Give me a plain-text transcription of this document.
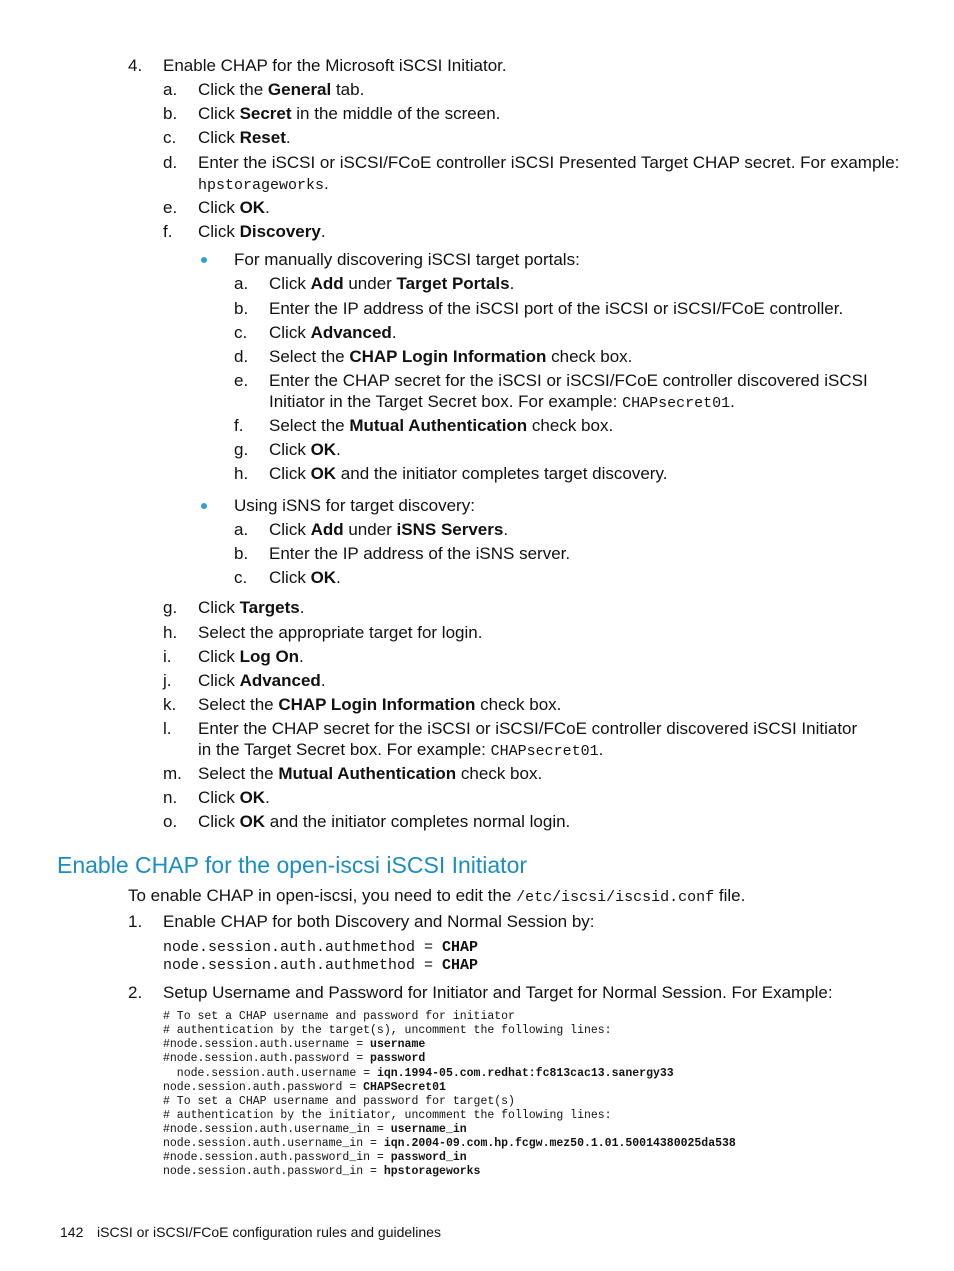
4. Enable CHAP for the Microsoft iSCSI Initiator.
a. Click the General tab.
b. Click Secret in the middle of the screen.
c. Click Reset.
d. Enter the iSCSI or iSCSI/FCoE controller iSCSI Presented Target CHAP secret. For example:
hpstorageworks.
e. Click OK.
f. Click Discovery.
For manually discovering iSCSI target portals:
a. Click Add under Target Portals.
b. Enter the IP address of the iSCSI port of the iSCSI or iSCSI/FCoE controller.
c. Click Advanced.
d. Select the CHAP Login Information check box.
e. Enter the CHAP secret for the iSCSI or iSCSI/FCoE controller discovered iSCSI
Initiator in the Target Secret box. For example: CHAPsecret01.
f. Select the Mutual Authentication check box.
g. Click OK.
h. Click OK and the initiator completes target discovery.
Using iSNS for target discovery:
a. Click Add under iSNS Servers.
b. Enter the IP address of the iSNS server.
c. Click OK.
g. Click Targets.
h. Select the appropriate target for login.
i. Click Log On.
j. Click Advanced.
k. Select the CHAP Login Information check box.
l. Enter the CHAP secret for the iSCSI or iSCSI/FCoE controller discovered iSCSI Initiator
in the Target Secret box. For example: CHAPsecret01.
m. Select the Mutual Authentication check box.
n. Click OK.
o. Click OK and the initiator completes normal login.
Enable CHAP for the open-iscsi iSCSI Initiator
To enable CHAP in open-iscsi, you need to edit the /etc/iscsi/iscsid.conf file.
1. Enable CHAP for both Discovery and Normal Session by:
node.session.auth.authmethod = CHAP
node.session.auth.authmethod = CHAP
2. Setup Username and Password for Initiator and Target for Normal Session. For Example:
# To set a CHAP username and password for initiator
# authentication by the target(s), uncomment the following lines:
#node.session.auth.username = username
#node.session.auth.password = password
node.session.auth.username = iqn.1994-05.com.redhat:fc813cac13.sanergy33
node.session.auth.password = CHAPSecret01
# To set a CHAP username and password for target(s)
# authentication by the initiator, uncomment the following lines:
#node.session.auth.username_in = username_in
node.session.auth.username_in = iqn.2004-09.com.hp.fcgw.mez50.1.01.50014380025da538
#node.session.auth.password_in = password_in
node.session.auth.password_in = hpstorageworks
142 iSCSI or iSCSI/FCoE configuration rules and guidelines
